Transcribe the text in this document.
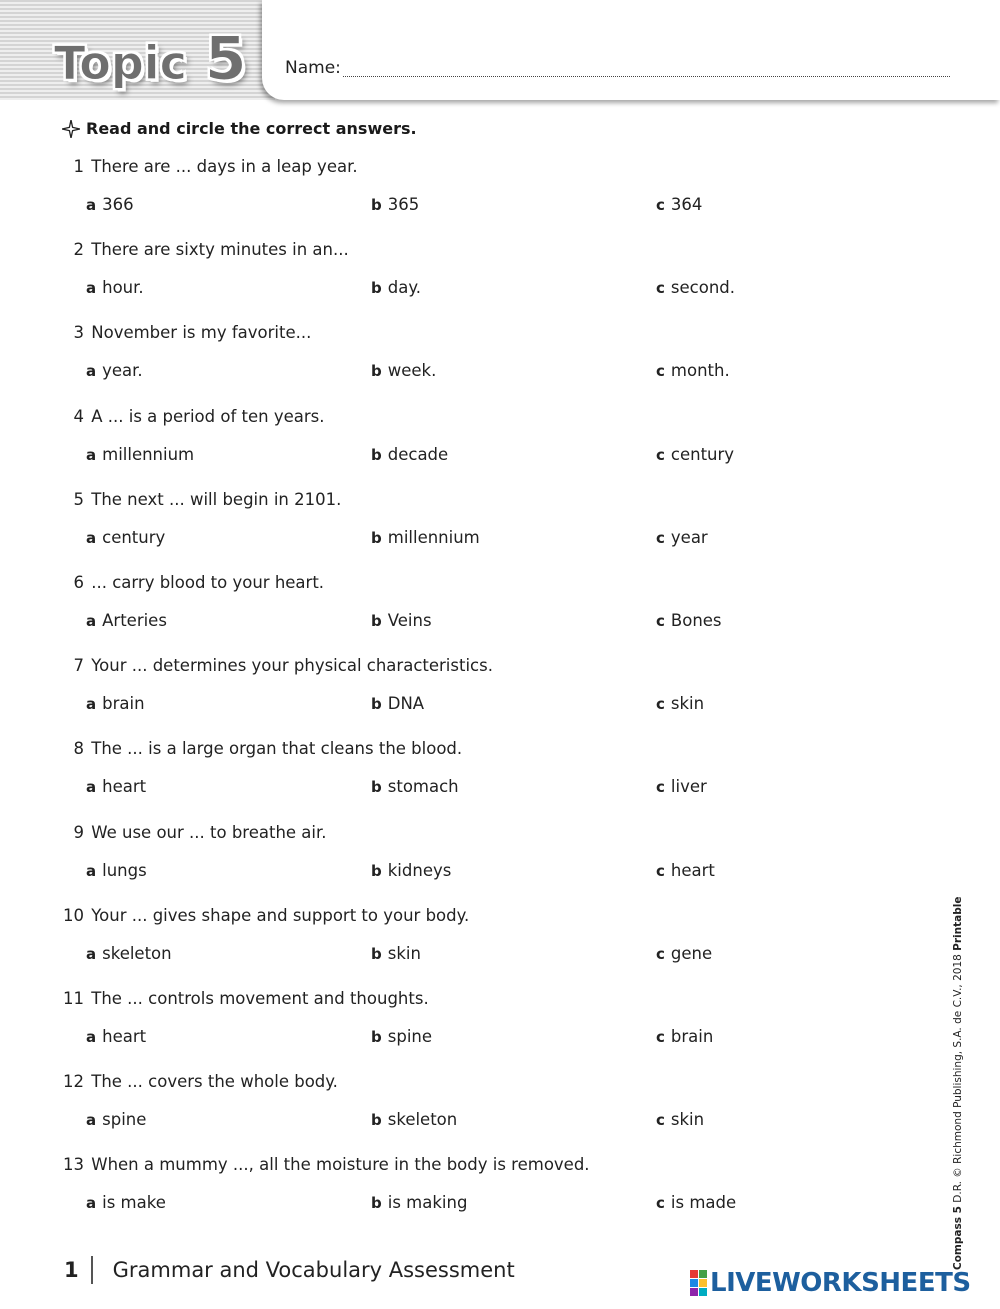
Topic 5 Name:
Read and circle the correct answers.
1 There are ... days in a leap year.
a 366	b 365	c 364
2 There are sixty minutes in an...
a hour.	b day.	c second.
3 November is my favorite...
a year.	b week.	c month.
4 A ... is a period of ten years.
a millennium	b decade	c century
5 The next ... will begin in 2101.
a century	b millennium	c year
6 ... carry blood to your heart.
a Arteries	b Veins	c Bones
7 Your ... determines your physical characteristics.
a brain	b DNA	c skin
8 The ... is a large organ that cleans the blood.
a heart	b stomach	c liver
9 We use our ... to breathe air.
a lungs	b kidneys	c heart
10 Your ... gives shape and support to your body.
a skeleton	b skin	c gene
11 The ... controls movement and thoughts.
a heart	b spine	c brain
12 The ... covers the whole body.
a spine	b skeleton	c skin
13 When a mummy ..., all the moisture in the body is removed.
a is make	b is making	c is made
1 Grammar and Vocabulary Assessment	Compass 5 D.R. © Richmond Publishing, S.A. de C.V., 2018 Printable
LIVEWORKSHEETS
